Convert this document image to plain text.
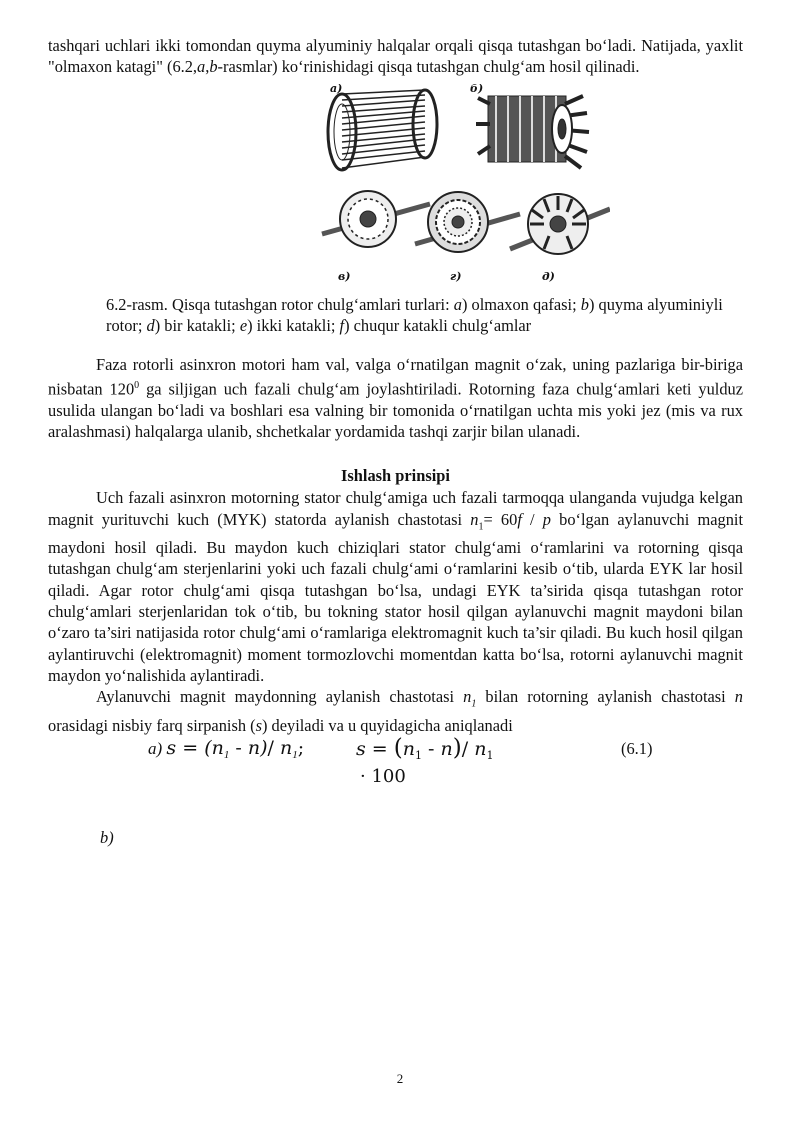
tashqari uchlari ikki tomondan quyma alyuminiy halqalar orqali qisqa tutashgan bo‘ladi. Natijada, yaxlit "olmaxon katagi" (6.2,a,b-rasmlar) ko‘rinishidagi qisqa tutashgan chulg‘am hosil qilinadi.

a)	б)
в)	г)	д)

6.2-rasm. Qisqa tutashgan rotor chulg‘amlari turlari: a) olmaxon qafasi; b) quyma alyuminiyli rotor; d) bir katakli; e) ikki katakli; f) chuqur katakli chulg‘amlar

Faza rotorli asinxron motori ham val, valga o‘rnatilgan magnit o‘zak, uning pazlariga bir-biriga nisbatan $120^0$ ga siljigan uch fazali chulg‘am joylashtiriladi. Rotorning faza chulg‘amlari keti yulduz usulida ulangan bo‘ladi va boshlari esa valning bir tomonida o‘rnatilgan uchta mis yoki jez (mis va rux aralashmasi) halqalarga ulanib, shchetkalar yordamida tashqi zarjir bilan ulanadi.

Ishlash prinsipi

Uch fazali asinxron motorning stator chulg‘amiga uch fazali tarmoqqa ulanganda vujudga kelgan magnit yurituvchi kuch (MYK) statorda aylanish chastotasi $n_1= 60f / p$ bo‘lgan aylanuvchi magnit maydoni hosil qiladi. Bu maydon kuch chiziqlari stator chulg‘ami o‘ramlarini va rotorning qisqa tutashgan chulg‘am sterjenlarini yoki uch fazali chulg‘ami o‘ramlarini kesib o‘tib, ularda EYK lar hosil qiladi. Agar rotor chulg‘ami qisqa tutashgan bo‘lsa, undagi EYK ta’sirida qisqa tutashgan rotor chulg‘amlari sterjenlaridan tok o‘tib, bu tokning stator hosil qilgan aylanuvchi magnit maydoni bilan o‘zaro ta’siri natijasida rotor chulg‘ami o‘ramlariga elektromagnit kuch ta’sir qiladi. Bu kuch hosil qilgan aylantiruvchi (elektromagnit) moment tormozlovchi momentdan katta bo‘lsa, rotorni aylanuvchi magnit maydon yo‘nalishida aylantiradi.

Aylanuvchi magnit maydonning aylanish chastotasi $n_1$ bilan rotorning aylanish chastotasi n orasidagi nisbiy farq sirpanish (s) deyiladi va u quyidagicha aniqlanadi

a) $s = (n_1 - n)/$ $n_1$;	$s = (n_1 - n)/$ $n_1$
· 100
(6.1)
b)
2
